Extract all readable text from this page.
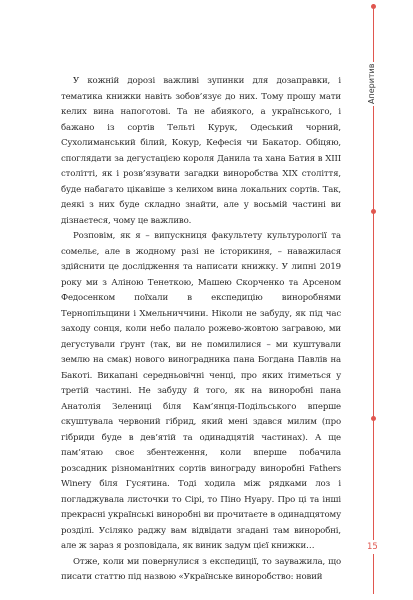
У кожній дорозі важливі зупинки для дозаправки, і тематика книжки навіть зобов’язує до них. Тому прошу мати келих вина напоготові. Та не абиякого, а українського, і бажано із сортів Тельті Курук, Одеський чорний, Сухолиманський білий, Кокур, Кефесія чи Бакатор. Обіцяю, споглядати за дегустацією короля Данила та хана Батия в XIII столітті, як і розв’язувати загадки виноробства XIX століття, буде набагато цікавіше з келихом вина локальних сортів. Так, деякі з них буде складно знайти, але у восьмій частині ви дізнаєтеся, чому це важливо.

Розповім, як я – випускниця факультету культурології та сомельє, але в жодному разі не історикиня, – наважилася здійснити це дослідження та написати книжку. У липні 2019 року ми з Аліною Тенеткою, Машею Скорченко та Арсеном Федосенком поїхали в експедицію виноробнями Тернопільщини і Хмельниччини. Ніколи не забуду, як під час заходу сонця, коли небо палало рожево-жовтою загравою, ми дегустували ґрунт (так, ви не помилилися – ми куштували землю на смак) нового виноградника пана Богдана Павлів на Бакоті. Викапані середньовічні ченці, про яких ітиметься у третій частині. Не забуду й того, як на виноробні пана Анатолія Зелениці біля Кам’янця-Подільського вперше скуштувала червоний гібрид, який мені здався милим (про гібриди буде в дев’ятій та одинадцятій частинах). А ще пам’ятаю своє збентеження, коли вперше побачила розсадник різноманітних сортів винограду виноробні Fathers Winery біля Гусятина. Тоді ходила між рядками лоз і погладжувала листочки то Сірі, то Піно Нуару. Про ці та інші прекрасні українські виноробні ви прочитаєте в одинадцятому розділі. Усіляко раджу вам відвідати згадані там виноробні, але ж зараз я розповідала, як виник задум цієї книжки…

Отже, коли ми повернулися з експедиції, то зауважила, що писати статтю під назвою «Українське виноробство: новий

Аперитив
15
